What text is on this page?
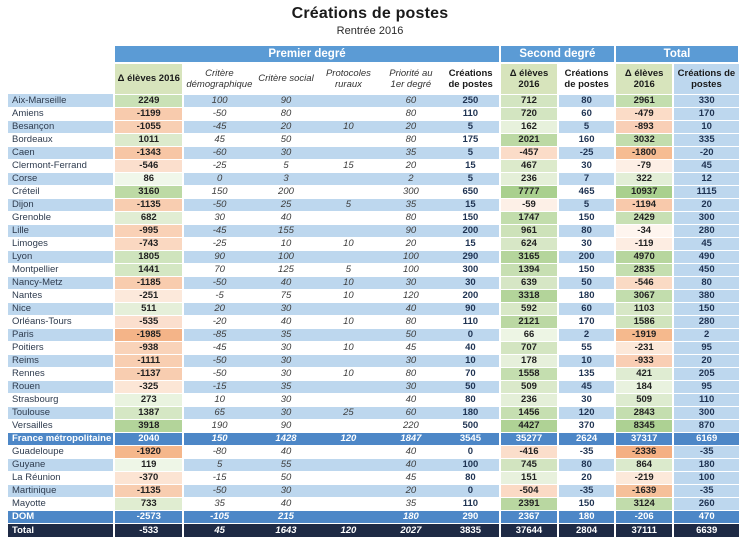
Créations de postes
Rentrée 2016
	Premier degré						Second degré		Total	
	Δ élèves 2016	Critère démographique	Critère social	Protocoles ruraux	Priorité au 1er degré	Créations de postes	Δ élèves 2016	Créations de postes	Δ élèves 2016	Créations de postes
Aix-Marseille	2249	100	90		60	250	712	80	2961	330
Amiens	-1199	-50	80		80	110	720	60	-479	170
Besançon	-1055	-45	20	10	20	5	162	5	-893	10
Bordeaux	1011	45	50		80	175	2021	160	3032	335
Caen	-1343	-60	30		35	5	-457	-25	-1800	-20
Clermont-Ferrand	-546	-25	5	15	20	15	467	30	-79	45
Corse	86	0	3		2	5	236	7	322	12
Créteil	3160	150	200		300	650	7777	465	10937	1115
Dijon	-1135	-50	25	5	35	15	-59	5	-1194	20
Grenoble	682	30	40		80	150	1747	150	2429	300
Lille	-995	-45	155		90	200	961	80	-34	280
Limoges	-743	-25	10	10	20	15	624	30	-119	45
Lyon	1805	90	100		100	290	3165	200	4970	490
Montpellier	1441	70	125	5	100	300	1394	150	2835	450
Nancy-Metz	-1185	-50	40	10	30	30	639	50	-546	80
Nantes	-251	-5	75	10	120	200	3318	180	3067	380
Nice	511	20	30		40	90	592	60	1103	150
Orléans-Tours	-535	-20	40	10	80	110	2121	170	1586	280
Paris	-1985	-85	35		50	0	66	2	-1919	2
Poitiers	-938	-45	30	10	45	40	707	55	-231	95
Reims	-1111	-50	30		30	10	178	10	-933	20
Rennes	-1137	-50	30	10	80	70	1558	135	421	205
Rouen	-325	-15	35		30	50	509	45	184	95
Strasbourg	273	10	30		40	80	236	30	509	110
Toulouse	1387	65	30	25	60	180	1456	120	2843	300
Versailles	3918	190	90		220	500	4427	370	8345	870
France métropolitaine	2040	150	1428	120	1847	3545	35277	2624	37317	6169
Guadeloupe	-1920	-80	40		40	0	-416	-35	-2336	-35
Guyane	119	5	55		40	100	745	80	864	180
La Réunion	-370	-15	50		45	80	151	20	-219	100
Martinique	-1135	-50	30		20	0	-504	-35	-1639	-35
Mayotte	733	35	40		35	110	2391	150	3124	260
DOM	-2573	-105	215		180	290	2367	180	-206	470
Total	-533	45	1643	120	2027	3835	37644	2804	37111	6639
